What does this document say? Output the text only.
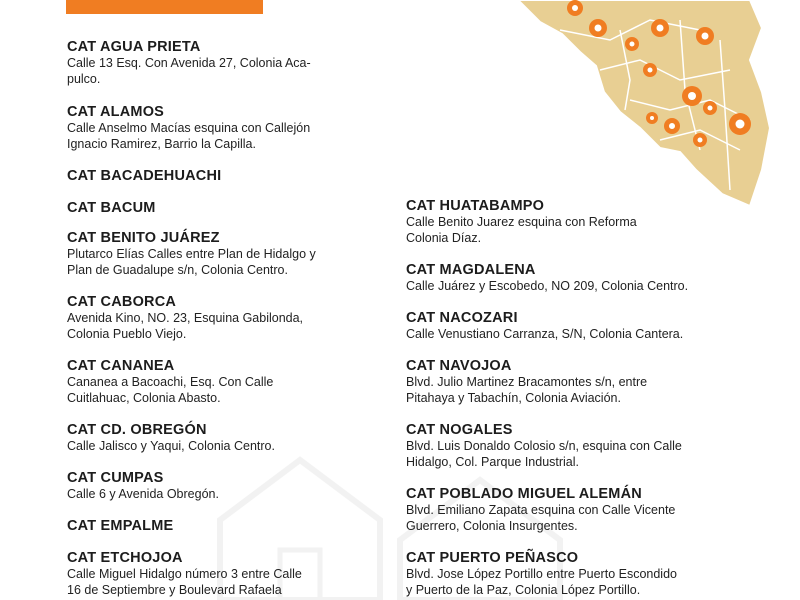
CAT AGUA PRIETA

Calle 13 Esq. Con Avenida 27, Colonia Aca-
pulco.

CAT ALAMOS

Calle Anselmo Macías esquina con Callejón
Ignacio Ramirez, Barrio la Capilla.

CAT BACADEHUACHI
CAT BACUM
CAT BENITO JUÁREZ

Plutarco Elías Calles entre Plan de Hidalgo y
Plan de Guadalupe s/n, Colonia Centro.

CAT CABORCA

Avenida Kino, NO. 23, Esquina Gabilonda,
Colonia Pueblo Viejo.

CAT CANANEA

Cananea a Bacoachi, Esq. Con Calle
Cuitlahuac, Colonia Abasto.

CAT CD. OBREGÓN

Calle Jalisco y Yaqui, Colonia Centro.

CAT CUMPAS

Calle 6 y Avenida Obregón.

CAT EMPALME
CAT ETCHOJOA

Calle Miguel Hidalgo número 3 entre Calle
16 de Septiembre y Boulevard Rafaela

CAT HUATABAMPO

Calle Benito Juarez esquina con Reforma
Colonia Díaz.

CAT MAGDALENA

Calle Juárez y Escobedo, NO 209, Colonia Centro.

CAT NACOZARI

Calle Venustiano Carranza, S/N, Colonia Cantera.

CAT NAVOJOA

Blvd. Julio Martinez Bracamontes s/n, entre
Pitahaya y Tabachín, Colonia Aviación.

CAT NOGALES

Blvd. Luis Donaldo Colosio s/n, esquina con Calle
Hidalgo, Col. Parque Industrial.

CAT POBLADO MIGUEL ALEMÁN

Blvd. Emiliano Zapata esquina con Calle Vicente
Guerrero, Colonia Insurgentes.

CAT PUERTO PEÑASCO

Blvd. Jose López Portillo entre Puerto Escondido
y Puerto de la Paz, Colonia López Portillo.
